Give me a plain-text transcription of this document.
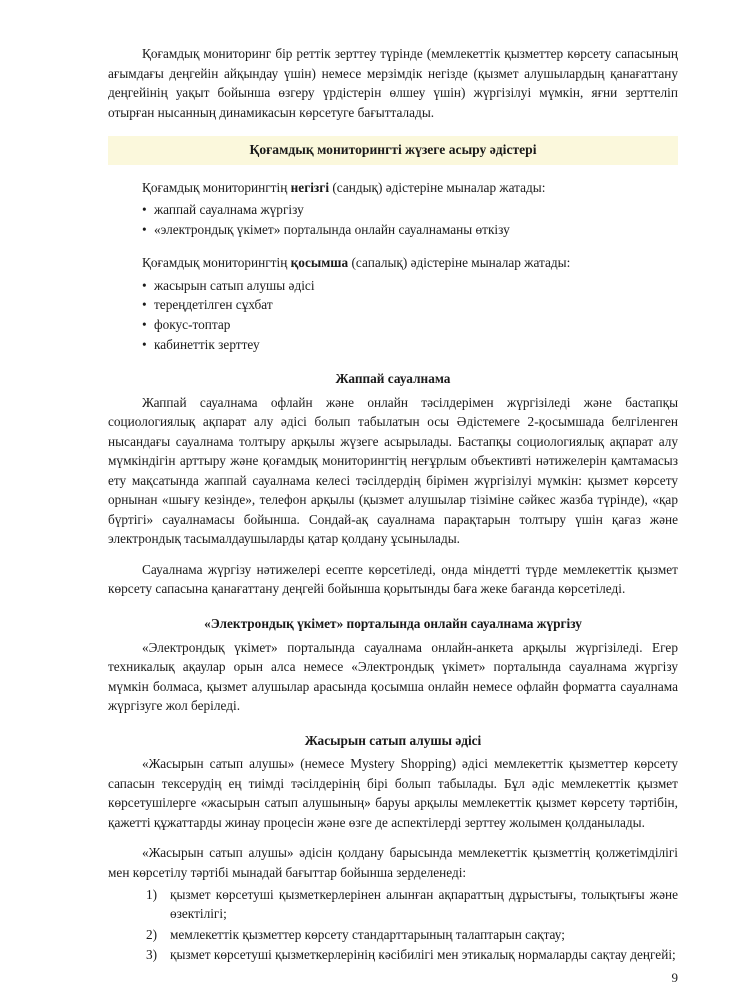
Қоғамдық мониторинг бір реттік зерттеу түрінде (мемлекеттік қызметтер көрсету сапасының ағымдағы деңгейін айқындау үшін) немесе мерзімдік негізде (қызмет алушылардың қанағаттану деңгейінің уақыт бойынша өзгеру үрдістерін өлшеу үшін) жүргізілуі мүмкін, яғни зерттеліп отырған нысанның динамикасын көрсетуге бағытталады.

Қоғамдық мониторингті жүзеге асыру әдістері

Қоғамдық мониторингтің негізгі (сандық) әдістеріне мыналар жатады:

• жаппай сауалнама жүргізу
• «электрондық үкімет» порталында онлайн сауалнаманы өткізу

Қоғамдық мониторингтің қосымша (сапалық) әдістеріне мыналар жатады:

• жасырын сатып алушы әдісі
• тереңдетілген сұхбат
• фокус-топтар
• кабинеттік зерттеу
Жаппай сауалнама

Жаппай сауалнама офлайн және онлайн тәсілдерімен жүргізіледі және бастапқы социологиялық ақпарат алу әдісі болып табылатын осы Әдістемеге 2-қосымшада белгіленген нысандағы сауалнама толтыру арқылы жүзеге асырылады. Бастапқы социологиялық ақпарат алу мүмкіндігін арттыру және қоғамдық мониторингтің неғұрлым объективті нәтижелерін қамтамасыз ету мақсатында жаппай сауалнама келесі тәсілдердің бірімен жүргізілуі мүмкін: қызмет көрсету орнынан «шығу кезінде», телефон арқылы (қызмет алушылар тізіміне сәйкес жазба түрінде), «қар бүртігі» сауалнамасы бойынша. Сондай-ақ сауалнама парақтарын толтыру үшін қағаз және электрондық тасымалдаушыларды қатар қолдану ұсынылады.

Сауалнама жүргізу нәтижелері есепте көрсетіледі, онда міндетті түрде мемлекеттік қызмет көрсету сапасына қанағаттану деңгейі бойынша қорытынды баға жеке бағанда көрсетіледі.

«Электрондық үкімет» порталында онлайн сауалнама жүргізу

«Электрондық үкімет» порталында сауалнама онлайн-анкета арқылы жүргізіледі. Егер техникалық ақаулар орын алса немесе «Электрондық үкімет» порталында сауалнама жүргізу мүмкін болмаса, қызмет алушылар арасында қосымша онлайн немесе офлайн форматта сауалнама жүргізуге жол беріледі.

Жасырын сатып алушы әдісі

«Жасырын сатып алушы» (немесе Mystery Shopping) әдісі мемлекеттік қызметтер көрсету сапасын тексерудің ең тиімді тәсілдерінің бірі болып табылады. Бұл әдіс мемлекеттік қызмет көрсетушілерге «жасырын сатып алушының» баруы арқылы мемлекеттік қызмет көрсету тәртібін, қажетті құжаттарды жинау процесін және өзге де аспектілерді зерттеу жолымен қолданылады.

«Жасырын сатып алушы» әдісін қолдану барысында мемлекеттік қызметтің қолжетімділігі мен көрсетілу тәртібі мынадай бағыттар бойынша зерделенеді:

қызмет көрсетуші қызметкерлерінен алынған ақпараттың дұрыстығы, толықтығы және өзектілігі;
мемлекеттік қызметтер көрсету стандарттарының талаптарын сақтау;
қызмет көрсетуші қызметкерлерінің кәсібилігі мен этикалық нормаларды сақтау деңгейі;
9
